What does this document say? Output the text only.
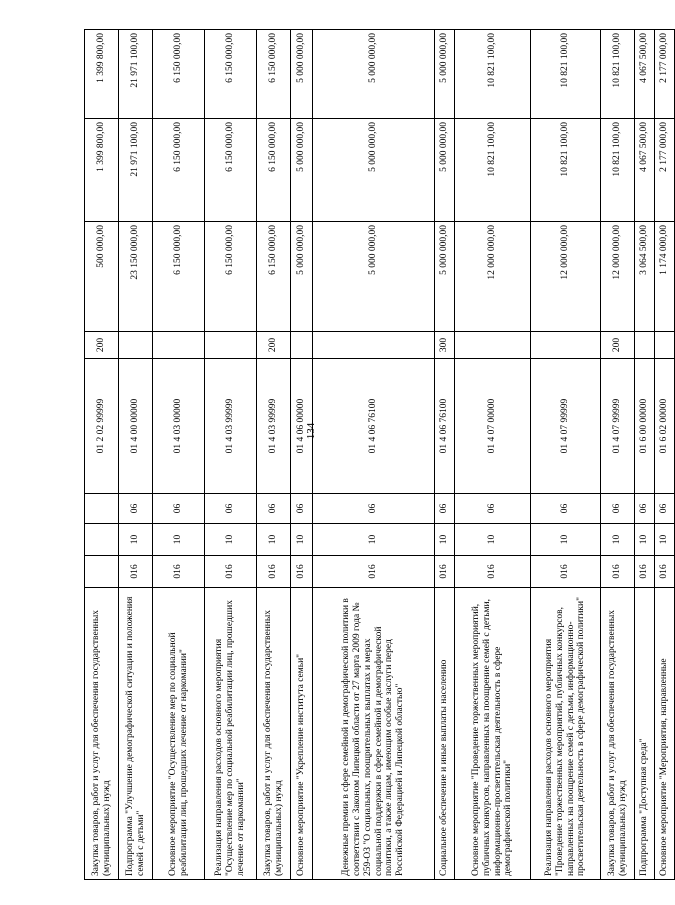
134
Закупка товаров, работ и услуг для обеспечения государственных (муниципальных) нужд				01 2 02 99999	200	500 000,00	1 399 800,00	1 399 800,00
Подпрограмма "Улучшение демографической ситуации и положения семей с детьми"	016	10	06	01 4 00 00000		23 150 000,00	21 971 100,00	21 971 100,00
Основное мероприятие "Осуществление мер по социальной реабилитации лиц, прошедших лечение от наркомании"	016	10	06	01 4 03 00000		6 150 000,00	6 150 000,00	6 150 000,00
Реализация направления расходов основного мероприятия "Осуществление мер по социальной реабилитации лиц, прошедших лечение от наркомании"	016	10	06	01 4 03 99999		6 150 000,00	6 150 000,00	6 150 000,00
Закупка товаров, работ и услуг для обеспечения государственных (муниципальных) нужд	016	10	06	01 4 03 99999	200	6 150 000,00	6 150 000,00	6 150 000,00
Основное мероприятие "Укрепление института семьи"	016	10	06	01 4 06 00000		5 000 000,00	5 000 000,00	5 000 000,00
Денежные премии в сфере семейной и демографической политики в соответствии с Законом Липецкой области от 27 марта 2009 года № 259-ОЗ "О социальных, поощрительных выплатах и мерах социальной поддержки в сфере семейной и демографической политики, а также лицам, имеющим особые заслуги перед Российской Федерацией и Липецкой областью"	016	10	06	01 4 06 76100		5 000 000,00	5 000 000,00	5 000 000,00
Социальное обеспечение и иные выплаты населению	016	10	06	01 4 06 76100	300	5 000 000,00	5 000 000,00	5 000 000,00
Основное мероприятие "Проведение торжественных мероприятий, публичных конкурсов, направленных на поощрение семей с детьми, информационно-просветительская деятельность в сфере демографической политики"	016	10	06	01 4 07 00000		12 000 000,00	10 821 100,00	10 821 100,00
Реализация направления расходов основного мероприятия "Проведение торжественных мероприятий, публичных конкурсов, направленных на поощрение семей с детьми, информационно-просветительская деятельность в сфере демографической политики"	016	10	06	01 4 07 99999		12 000 000,00	10 821 100,00	10 821 100,00
Закупка товаров, работ и услуг для обеспечения государственных (муниципальных) нужд	016	10	06	01 4 07 99999	200	12 000 000,00	10 821 100,00	10 821 100,00
Подпрограмма "Доступная среда"	016	10	06	01 6 00 00000		3 064 500,00	4 067 500,00	4 067 500,00
Основное мероприятие "Мероприятия, направленные	016	10	06	01 6 02 00000		1 174 000,00	2 177 000,00	2 177 000,00
